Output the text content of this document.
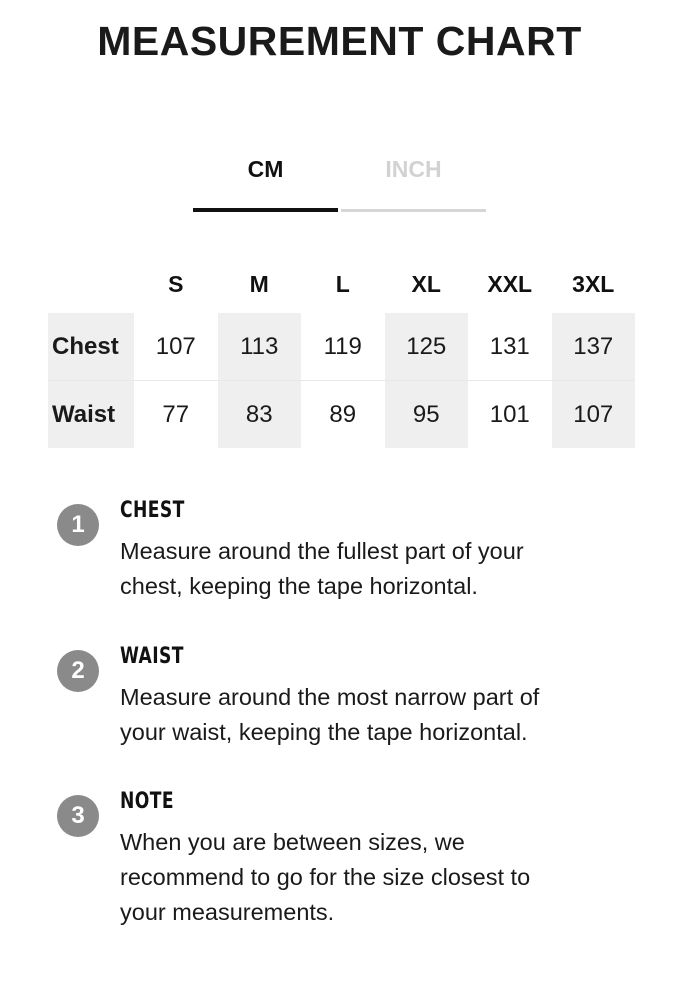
MEASUREMENT CHART
CM	INCH
	S	M	L	XL	XXL	3XL
Chest	107	113	119	125	131	137
Waist	77	83	89	95	101	107
1
CHEST
Measure around the fullest part of your
chest, keeping the tape horizontal.
2
WAIST
Measure around the most narrow part of
your waist, keeping the tape horizontal.
3
NOTE
When you are between sizes, we
recommend to go for the size closest to
your measurements.
